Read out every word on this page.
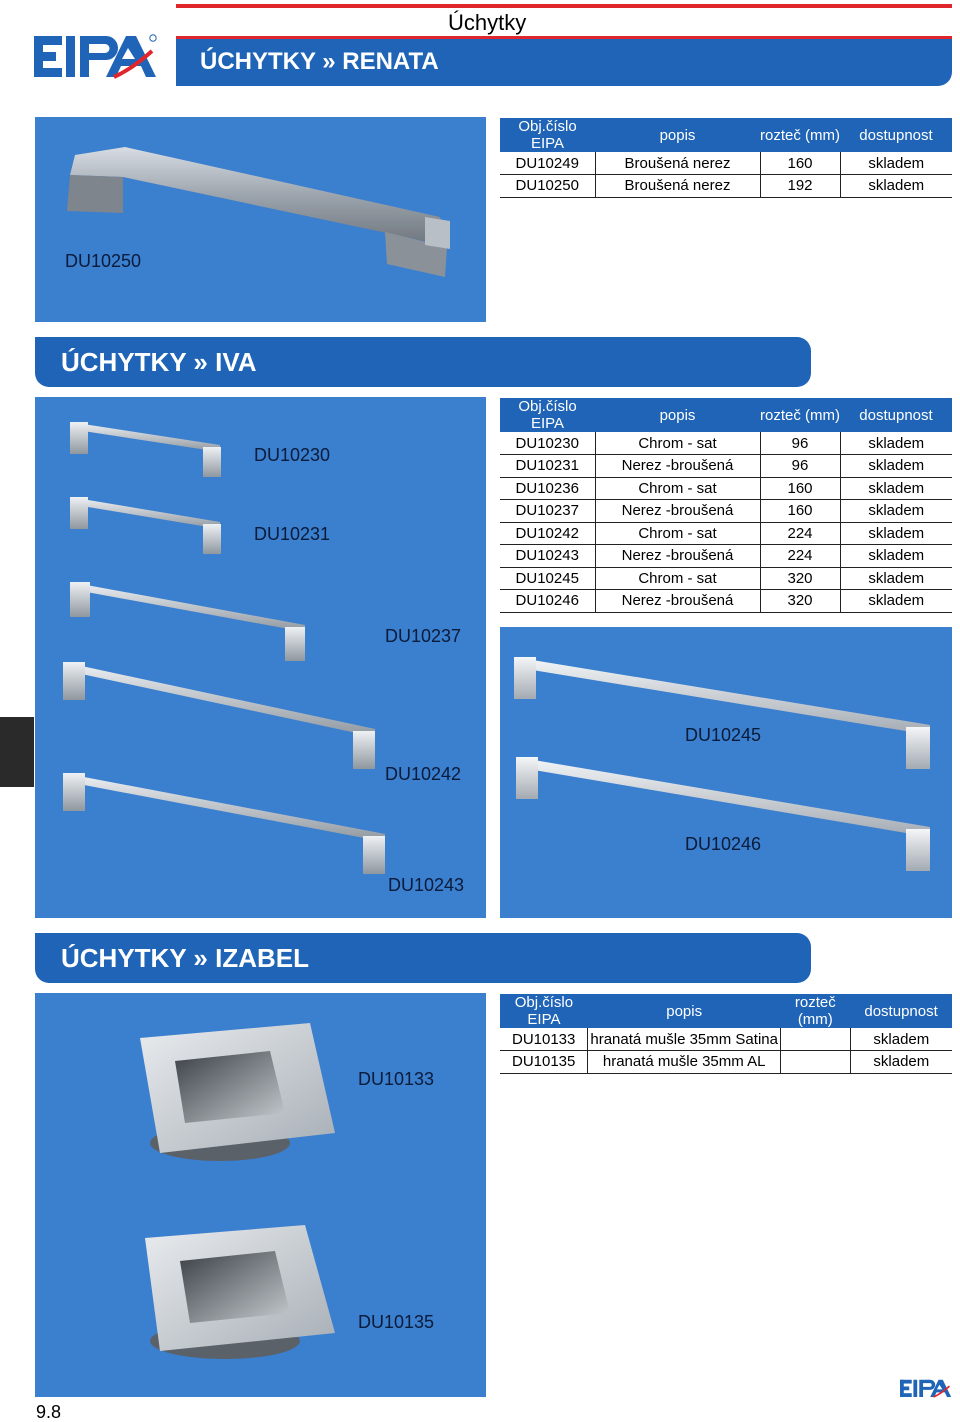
Úchytky
ÚCHYTKY » RENATA
DU10250
Obj.číslo EIPA	popis	rozteč (mm)	dostupnost
DU10249	Broušená nerez	160	skladem
DU10250	Broušená nerez	192	skladem
ÚCHYTKY » IVA
DU10230
DU10231
DU10237
DU10242
DU10243
Obj.číslo EIPA	popis	rozteč (mm)	dostupnost
DU10230	Chrom - sat	96	skladem
DU10231	Nerez -broušená	96	skladem
DU10236	Chrom - sat	160	skladem
DU10237	Nerez -broušená	160	skladem
DU10242	Chrom - sat	224	skladem
DU10243	Nerez -broušená	224	skladem
DU10245	Chrom - sat	320	skladem
DU10246	Nerez -broušená	320	skladem
DU10245
DU10246
ÚCHYTKY » IZABEL
DU10133
DU10135
Obj.číslo EIPA	popis	rozteč (mm)	dostupnost
DU10133	hranatá mušle 35mm Satina		skladem
DU10135	hranatá mušle 35mm AL		skladem
9.8
